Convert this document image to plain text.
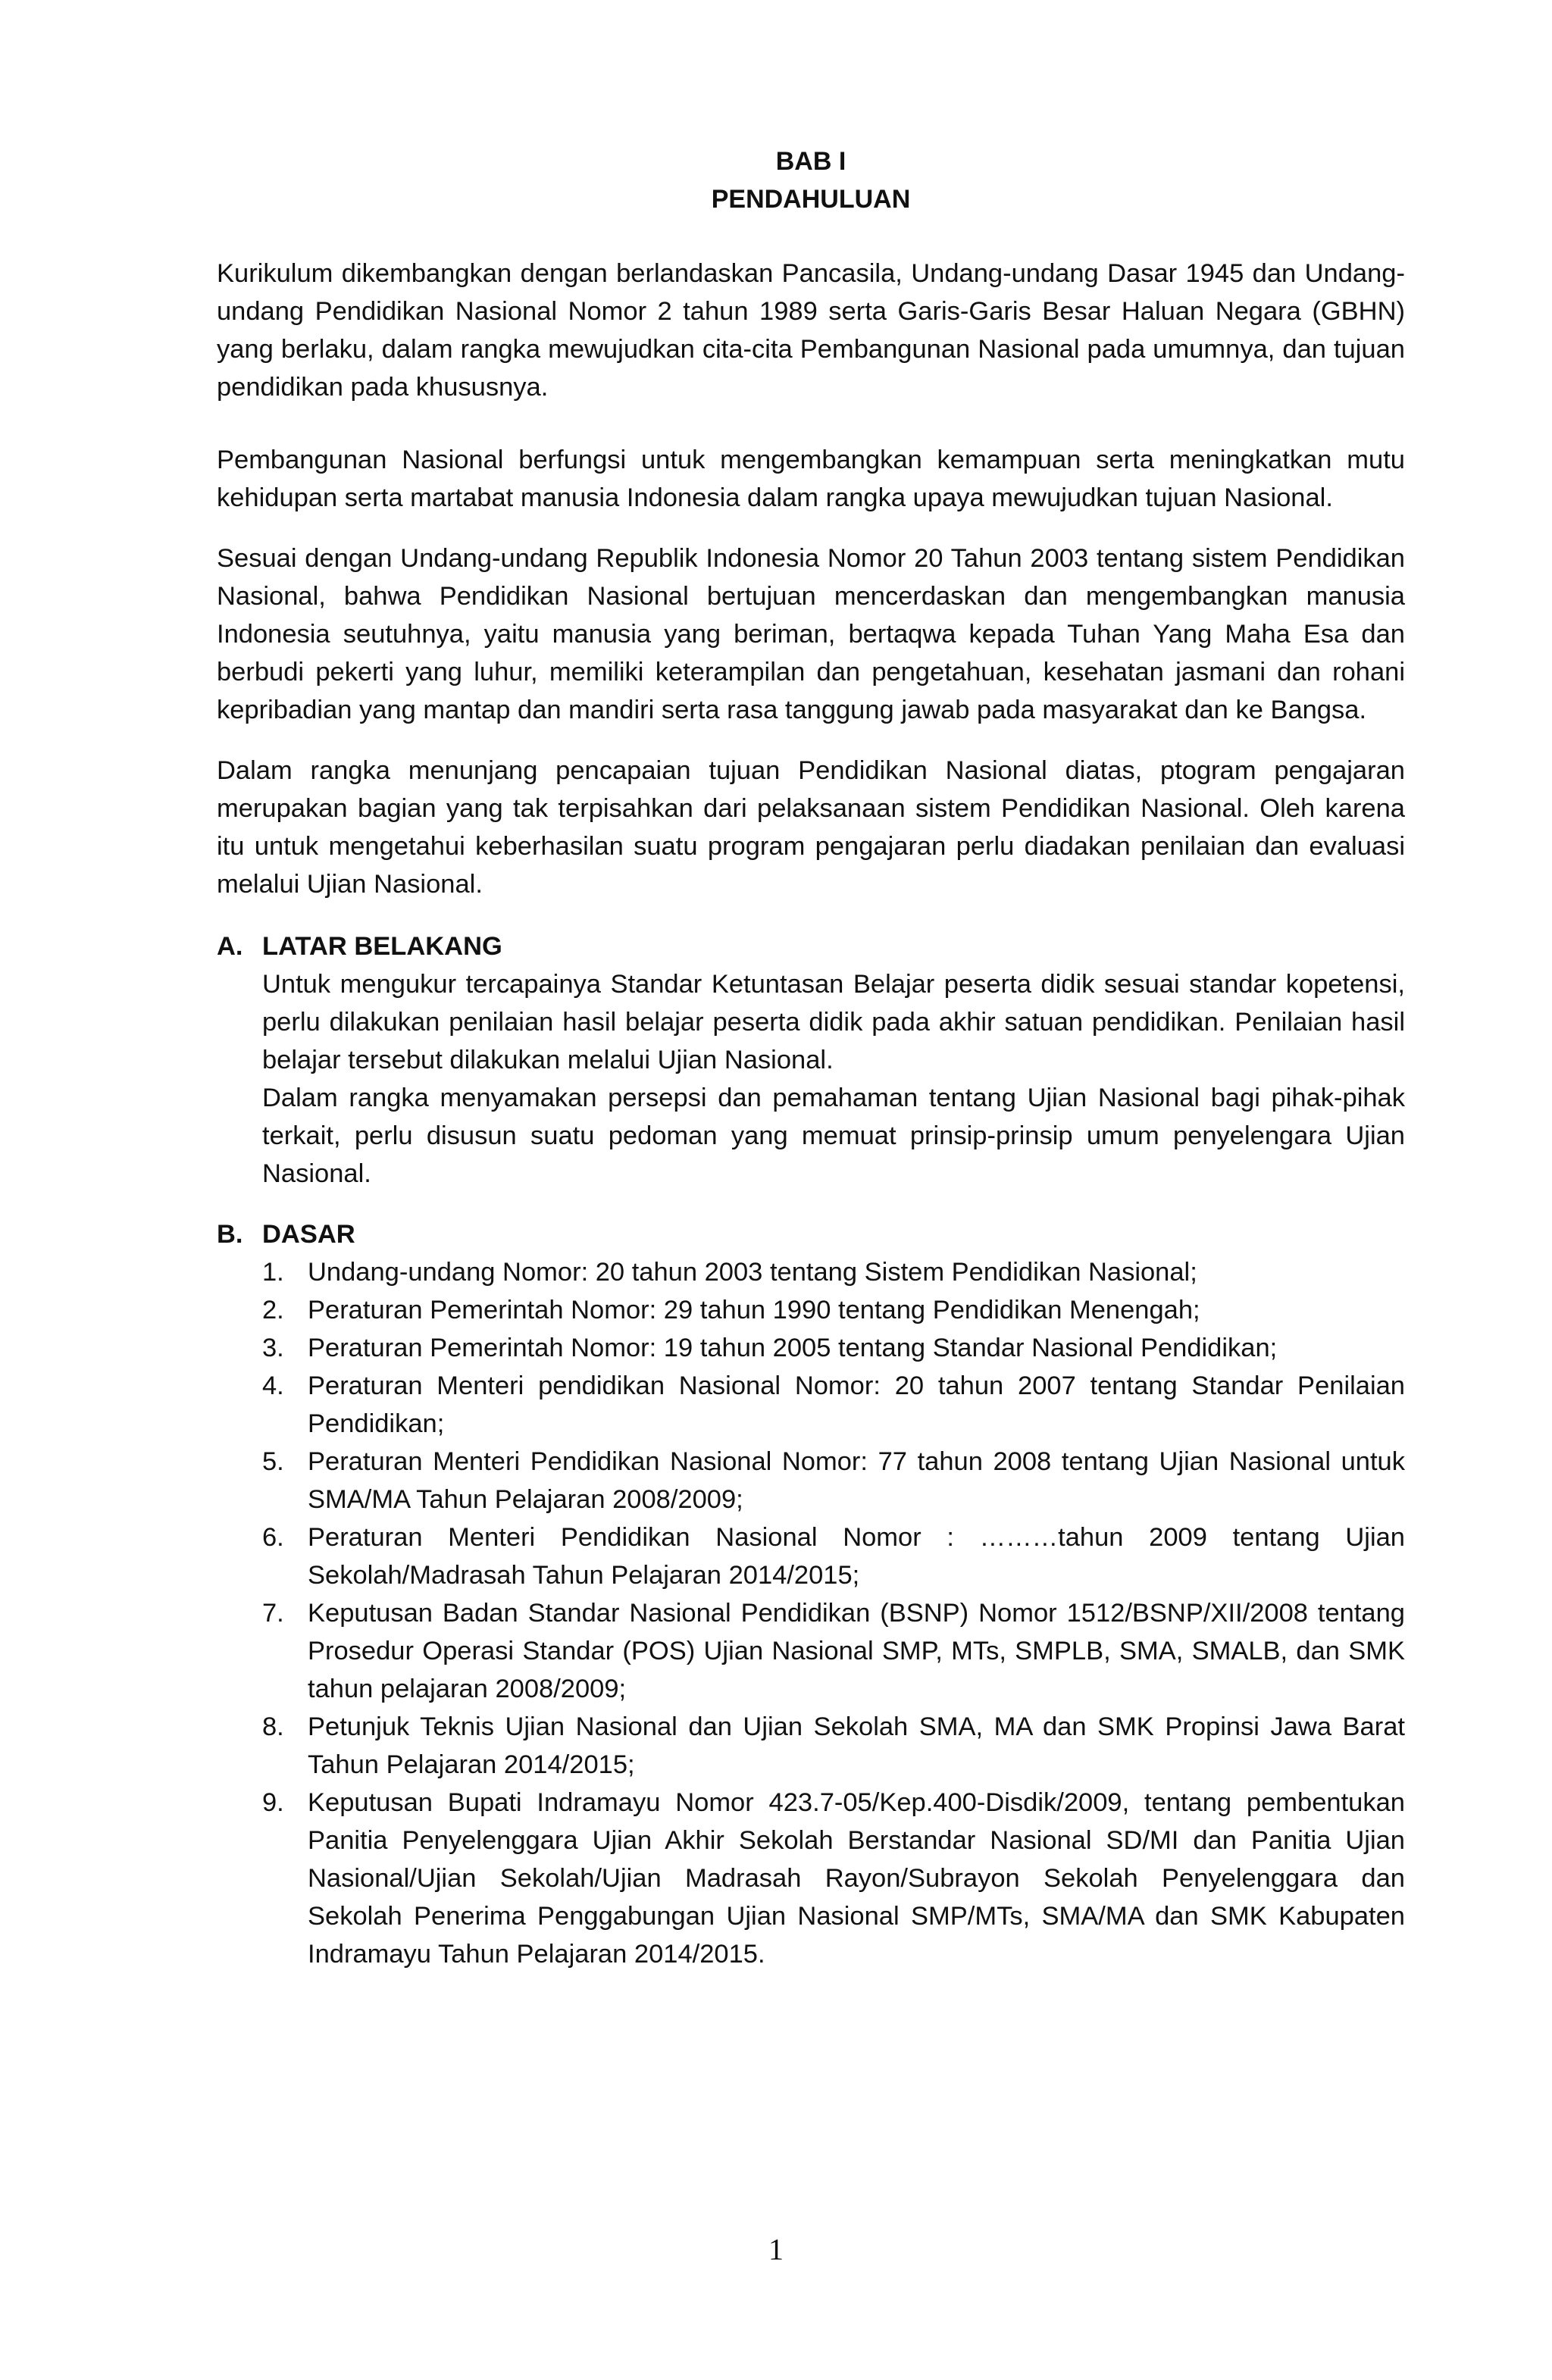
BAB I
PENDAHULUAN

Kurikulum dikembangkan dengan berlandaskan Pancasila, Undang-undang Dasar 1945 dan Undang-undang Pendidikan Nasional Nomor 2 tahun 1989 serta Garis-Garis Besar Haluan Negara (GBHN) yang berlaku, dalam rangka mewujudkan cita-cita Pembangunan Nasional pada umumnya, dan tujuan pendidikan pada khususnya.

Pembangunan Nasional berfungsi untuk mengembangkan kemampuan serta meningkatkan mutu kehidupan serta martabat manusia Indonesia dalam rangka upaya mewujudkan tujuan Nasional.

Sesuai dengan Undang-undang Republik Indonesia Nomor 20 Tahun 2003 tentang sistem Pendidikan Nasional, bahwa Pendidikan Nasional bertujuan mencerdaskan dan mengembangkan manusia Indonesia seutuhnya, yaitu manusia yang beriman, bertaqwa kepada Tuhan Yang Maha Esa dan berbudi pekerti yang luhur, memiliki keterampilan dan pengetahuan, kesehatan jasmani dan rohani kepribadian yang mantap dan mandiri serta rasa tanggung jawab pada masyarakat dan ke Bangsa.

Dalam rangka menunjang pencapaian tujuan Pendidikan Nasional diatas, ptogram pengajaran merupakan bagian yang tak terpisahkan dari pelaksanaan sistem Pendidikan Nasional. Oleh karena itu untuk mengetahui keberhasilan suatu program pengajaran perlu diadakan penilaian dan evaluasi melalui Ujian Nasional.

A. LATAR BELAKANG

Untuk mengukur tercapainya Standar Ketuntasan Belajar peserta didik sesuai standar kopetensi, perlu dilakukan penilaian hasil belajar peserta didik pada akhir satuan pendidikan. Penilaian hasil belajar tersebut dilakukan melalui Ujian Nasional.

Dalam rangka menyamakan persepsi dan pemahaman tentang Ujian Nasional bagi pihak-pihak terkait, perlu disusun suatu pedoman yang memuat prinsip-prinsip umum penyelengara Ujian Nasional.

B. DASAR
1. Undang-undang Nomor: 20 tahun 2003 tentang Sistem Pendidikan Nasional;
2. Peraturan Pemerintah Nomor: 29 tahun 1990 tentang Pendidikan Menengah;
3. Peraturan Pemerintah Nomor: 19 tahun 2005 tentang Standar Nasional Pendidikan;
4. Peraturan Menteri pendidikan Nasional Nomor: 20 tahun 2007 tentang Standar Penilaian Pendidikan;
5. Peraturan Menteri Pendidikan Nasional Nomor: 77 tahun 2008 tentang Ujian Nasional untuk SMA/MA Tahun Pelajaran 2008/2009;
6. Peraturan Menteri Pendidikan Nasional Nomor : ………tahun 2009 tentang Ujian Sekolah/Madrasah Tahun Pelajaran 2014/2015;
7. Keputusan Badan Standar Nasional Pendidikan (BSNP) Nomor 1512/BSNP/XII/2008 tentang Prosedur Operasi Standar (POS) Ujian Nasional SMP, MTs, SMPLB, SMA, SMALB, dan SMK tahun pelajaran 2008/2009;
8. Petunjuk Teknis Ujian Nasional dan Ujian Sekolah SMA, MA dan SMK Propinsi Jawa Barat Tahun Pelajaran 2014/2015;
9. Keputusan Bupati Indramayu Nomor 423.7-05/Kep.400-Disdik/2009, tentang pembentukan Panitia Penyelenggara Ujian Akhir Sekolah Berstandar Nasional SD/MI dan Panitia Ujian Nasional/Ujian Sekolah/Ujian Madrasah Rayon/Subrayon Sekolah Penyelenggara dan Sekolah Penerima Penggabungan Ujian Nasional SMP/MTs, SMA/MA dan SMK Kabupaten Indramayu Tahun Pelajaran 2014/2015.
1
